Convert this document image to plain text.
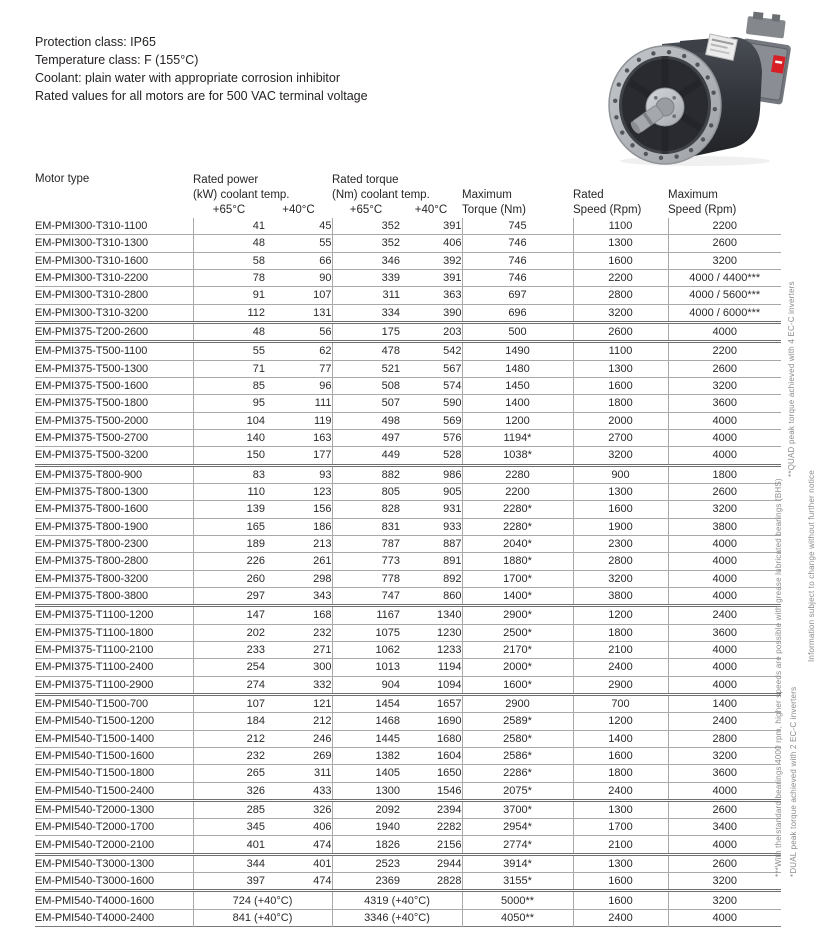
Protection class: IP65
Temperature class: F (155°C)
Coolant: plain water with appropriate corrosion inhibitor
Rated values for all motors are for 500 VAC terminal voltage
Motor type	Rated power		Rated torque				
	(kW) coolant temp.		(Nm) coolant temp.		Maximum	Rated	Maximum
	+65°C	+40°C	+65°C	+40°C	Torque (Nm)	Speed (Rpm)	Speed (Rpm)
EM-PMI300-T310-1100	41	45	352	391	745	1100	2200
EM-PMI300-T310-1300	48	55	352	406	746	1300	2600
EM-PMI300-T310-1600	58	66	346	392	746	1600	3200
EM-PMI300-T310-2200	78	90	339	391	746	2200	4000 / 4400***
EM-PMI300-T310-2800	91	107	311	363	697	2800	4000 / 5600***
EM-PMI300-T310-3200	112	131	334	390	696	3200	4000 / 6000***
EM-PMI375-T200-2600	48	56	175	203	500	2600	4000
EM-PMI375-T500-1100	55	62	478	542	1490	1100	2200
EM-PMI375-T500-1300	71	77	521	567	1480	1300	2600
EM-PMI375-T500-1600	85	96	508	574	1450	1600	3200
EM-PMI375-T500-1800	95	111	507	590	1400	1800	3600
EM-PMI375-T500-2000	104	119	498	569	1200	2000	4000
EM-PMI375-T500-2700	140	163	497	576	1194*	2700	4000
EM-PMI375-T500-3200	150	177	449	528	1038*	3200	4000
EM-PMI375-T800-900	83	93	882	986	2280	900	1800
EM-PMI375-T800-1300	110	123	805	905	2200	1300	2600
EM-PMI375-T800-1600	139	156	828	931	2280*	1600	3200
EM-PMI375-T800-1900	165	186	831	933	2280*	1900	3800
EM-PMI375-T800-2300	189	213	787	887	2040*	2300	4000
EM-PMI375-T800-2800	226	261	773	891	1880*	2800	4000
EM-PMI375-T800-3200	260	298	778	892	1700*	3200	4000
EM-PMI375-T800-3800	297	343	747	860	1400*	3800	4000
EM-PMI375-T1100-1200	147	168	1167	1340	2900*	1200	2400
EM-PMI375-T1100-1800	202	232	1075	1230	2500*	1800	3600
EM-PMI375-T1100-2100	233	271	1062	1233	2170*	2100	4000
EM-PMI375-T1100-2400	254	300	1013	1194	2000*	2400	4000
EM-PMI375-T1100-2900	274	332	904	1094	1600*	2900	4000
EM-PMI540-T1500-700	107	121	1454	1657	2900	700	1400
EM-PMI540-T1500-1200	184	212	1468	1690	2589*	1200	2400
EM-PMI540-T1500-1400	212	246	1445	1680	2580*	1400	2800
EM-PMI540-T1500-1600	232	269	1382	1604	2586*	1600	3200
EM-PMI540-T1500-1800	265	311	1405	1650	2286*	1800	3600
EM-PMI540-T1500-2400	326	433	1300	1546	2075*	2400	4000
EM-PMI540-T2000-1300	285	326	2092	2394	3700*	1300	2600
EM-PMI540-T2000-1700	345	406	1940	2282	2954*	1700	3400
EM-PMI540-T2000-2100	401	474	1826	2156	2774*	2100	4000
EM-PMI540-T3000-1300	344	401	2523	2944	3914*	1300	2600
EM-PMI540-T3000-1600	397	474	2369	2828	3155*	1600	3200
EM-PMI540-T4000-1600	724 (+40°C)		4319 (+40°C)		5000**	1600	3200
EM-PMI540-T4000-2400	841 (+40°C)		3346 (+40°C)		4050**	2400	4000
**QUAD peak torque achieved with 4 EC-C inverters
Information subject to change without further notice
***With the standard bearings 4000 rpm, higher speeds are possible with grease lubricated bearings (BHS) *DUAL peak torque achieved with 2 EC-C inverters
